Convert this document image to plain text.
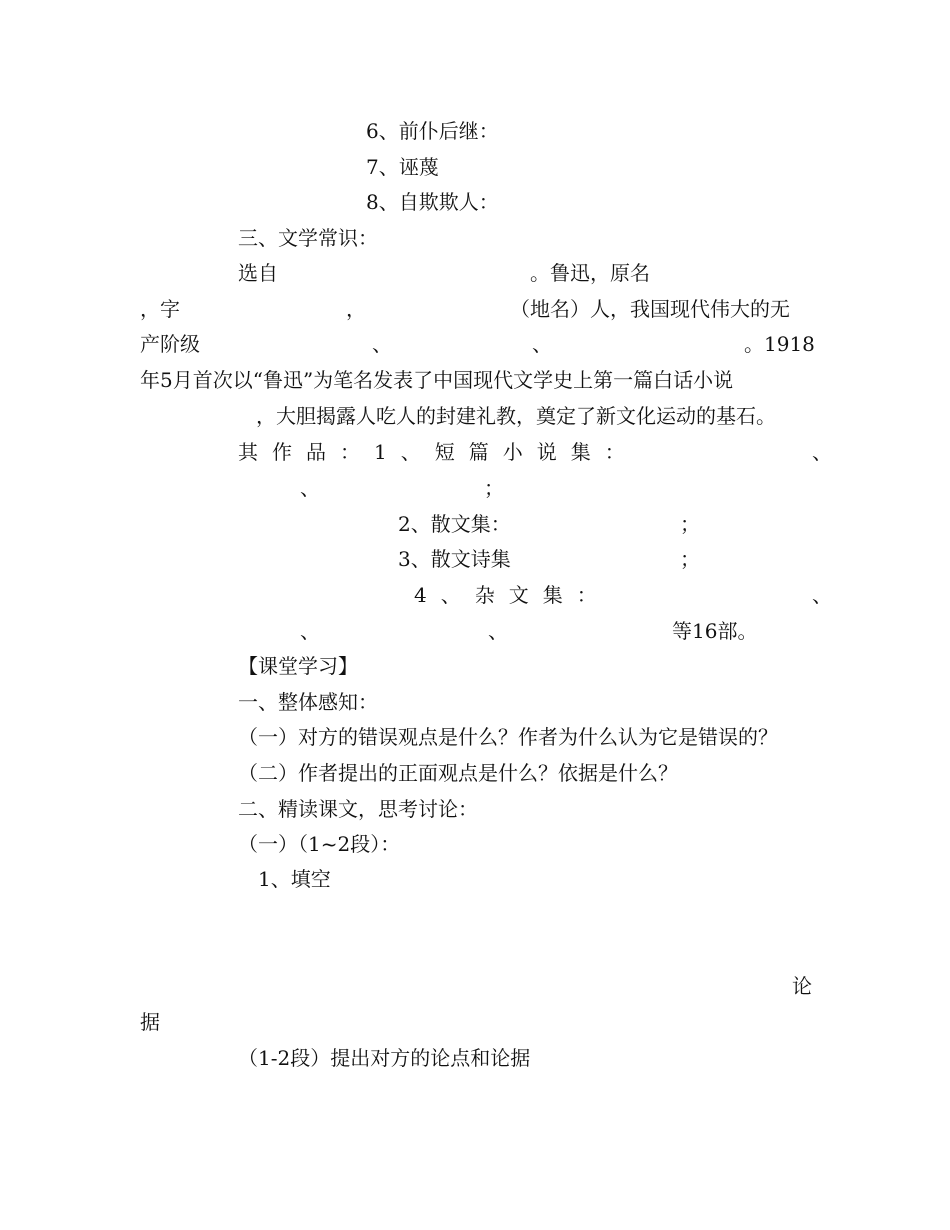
6、前仆后继：
7、诬蔑
8、自欺欺人：
三、文学常识：
选自	。鲁迅，原名
，字	，	（地名）人，我国现代伟大的无
产阶级	、	、	。1918
年5月首次以“鲁迅”为笔名发表了中国现代文学史上第一篇白话小说
，大胆揭露人吃人的封建礼教，奠定了新文化运动的基石。
其作品：1、短篇小说集：	、
、	；
2、散文集：	；
3、散文诗集	；
4、杂文集：	、
、	、	等16部。
【课堂学习】
一、整体感知：
（一）对方的错误观点是什么？作者为什么认为它是错误的？
（二）作者提出的正面观点是什么？依据是什么？
二、精读课文，思考讨论：
（一）（1~2段）：
1、填空
论
据
（1-2段）提出对方的论点和论据
